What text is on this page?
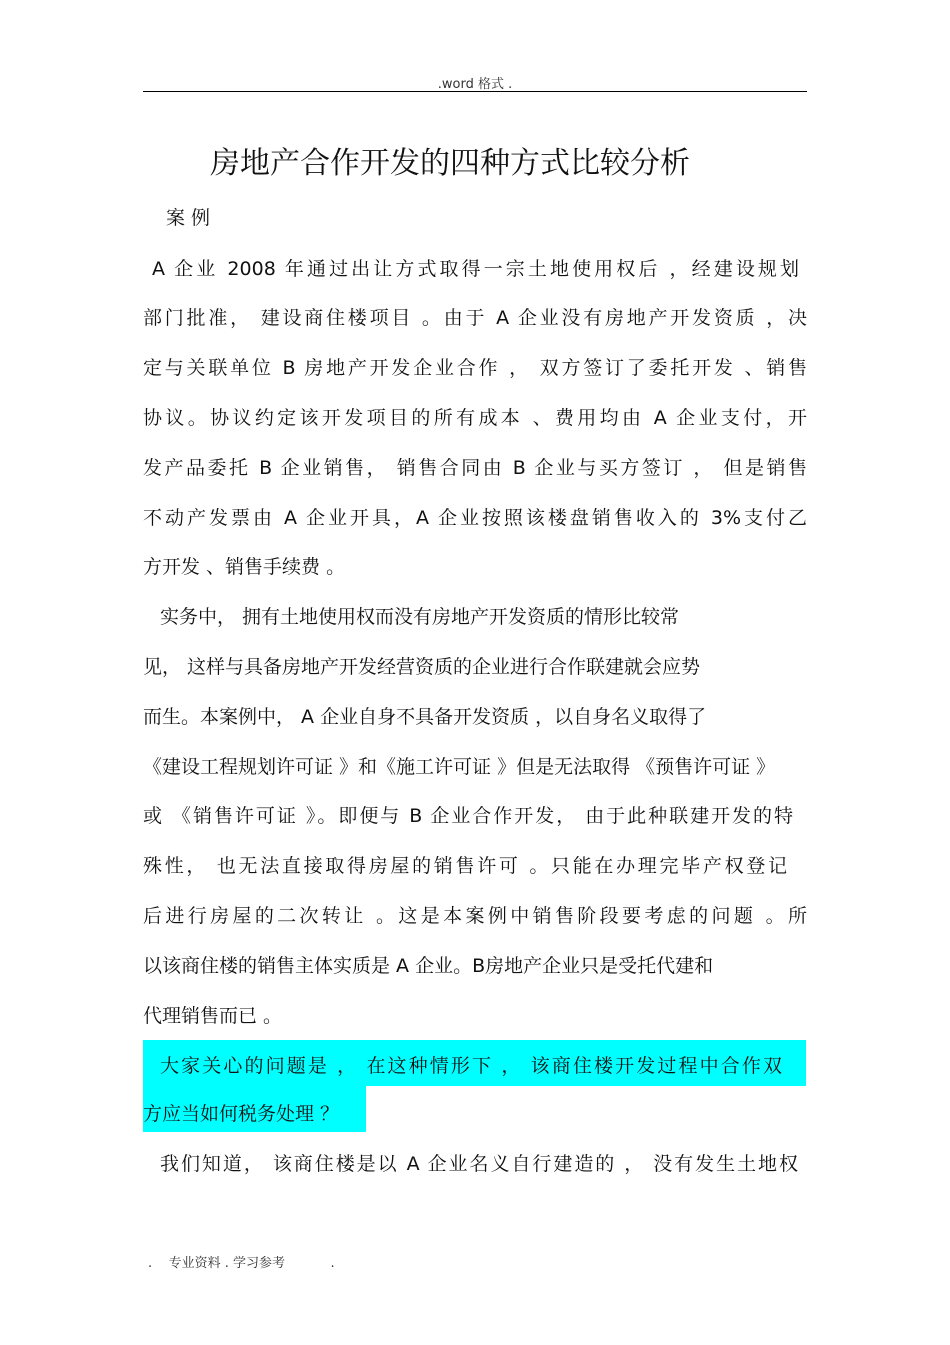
.word 格式 .
房地产合作开发的四种方式比较分析
案 例
A 企业 2008 年通过出让方式取得一宗土地使用权后 ，经建设规划
部门批准， 建设商住楼项目 。由于 A 企业没有房地产开发资质 ，决
定与关联单位 B 房地产开发企业合作 ， 双方签订了委托开发 、销售
协议。协议约定该开发项目的所有成本 、费用均由 A 企业支付，开
发产品委托 B 企业销售， 销售合同由 B 企业与买方签订 ， 但是销售
不动产发票由 A 企业开具，A 企业按照该楼盘销售收入的 3%支付乙
方开发 、销售手续费 。
实务中， 拥有土地使用权而没有房地产开发资质的情形比较常
见， 这样与具备房地产开发经营资质的企业进行合作联建就会应势
而生。本案例中， A 企业自身不具备开发资质 ，以自身名义取得了
《建设工程规划许可证 》和《施工许可证 》但是无法取得 《预售许可证 》
或 《销售许可证 》。即便与 B 企业合作开发， 由于此种联建开发的特
殊性， 也无法直接取得房屋的销售许可 。只能在办理完毕产权登记
后进行房屋的二次转让 。这是本案例中销售阶段要考虑的问题 。所
以该商住楼的销售主体实质是 A 企业。B房地产企业只是受托代建和
代理销售而已 。
大家关心的问题是 ， 在这种情形下 ， 该商住楼开发过程中合作双
方应当如何税务处理 ？
我们知道， 该商住楼是以 A 企业名义自行建造的 ， 没有发生土地权
.    专业资料 . 学习参考           .
